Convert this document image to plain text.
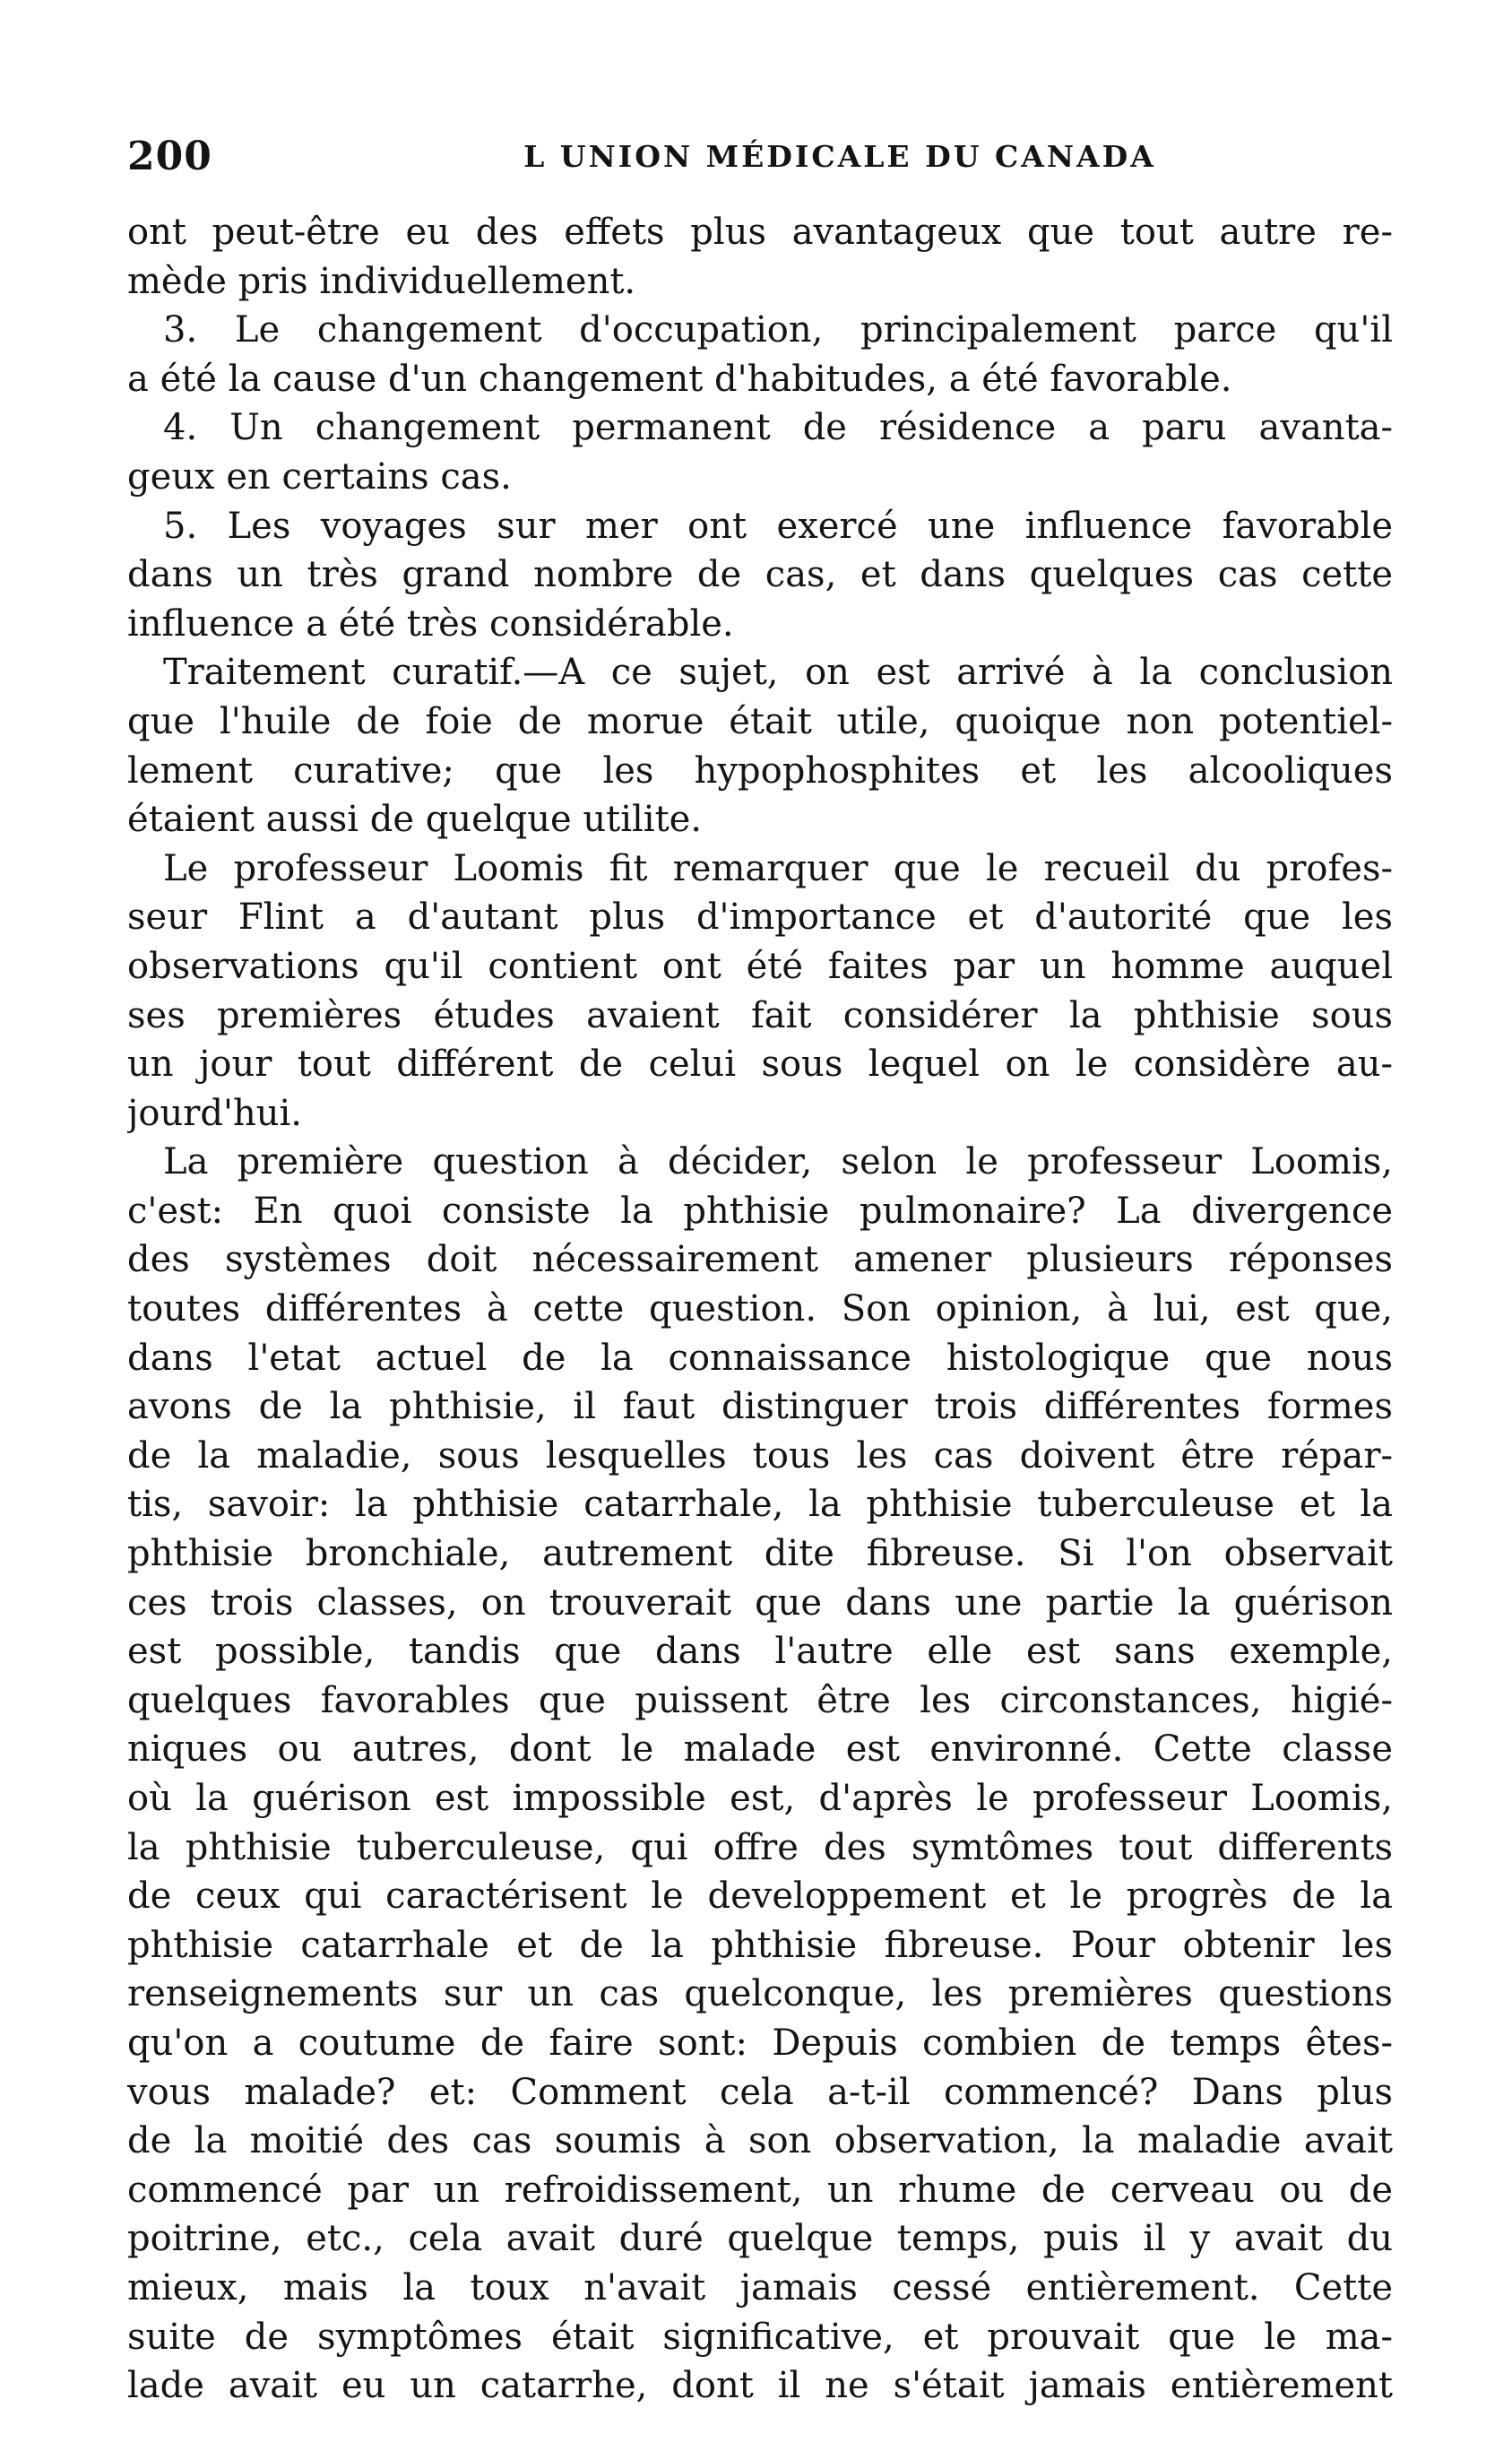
200	L UNION MÉDICALE DU CANADA
ont peut-être eu des effets plus avantageux que tout autre re-
mède pris individuellement.
3. Le changement d'occupation, principalement parce qu'il
a été la cause d'un changement d'habitudes, a été favorable.
4. Un changement permanent de résidence a paru avanta-
geux en certains cas.
5. Les voyages sur mer ont exercé une influence favorable
dans un très grand nombre de cas, et dans quelques cas cette
influence a été très considérable.
Traitement curatif.—A ce sujet, on est arrivé à la conclusion
que l'huile de foie de morue était utile, quoique non potentiel-
lement curative; que les hypophosphites et les alcooliques
étaient aussi de quelque utilite.
Le professeur Loomis fit remarquer que le recueil du profes-
seur Flint a d'autant plus d'importance et d'autorité que les
observations qu'il contient ont été faites par un homme auquel
ses premières études avaient fait considérer la phthisie sous
un jour tout différent de celui sous lequel on le considère au-
jourd'hui.
La première question à décider, selon le professeur Loomis,
c'est: En quoi consiste la phthisie pulmonaire? La divergence
des systèmes doit nécessairement amener plusieurs réponses
toutes différentes à cette question. Son opinion, à lui, est que,
dans l'etat actuel de la connaissance histologique que nous
avons de la phthisie, il faut distinguer trois différentes formes
de la maladie, sous lesquelles tous les cas doivent être répar-
tis, savoir: la phthisie catarrhale, la phthisie tuberculeuse et la
phthisie bronchiale, autrement dite fibreuse. Si l'on observait
ces trois classes, on trouverait que dans une partie la guérison
est possible, tandis que dans l'autre elle est sans exemple,
quelques favorables que puissent être les circonstances, higié-
niques ou autres, dont le malade est environné. Cette classe
où la guérison est impossible est, d'après le professeur Loomis,
la phthisie tuberculeuse, qui offre des symtômes tout differents
de ceux qui caractérisent le developpement et le progrès de la
phthisie catarrhale et de la phthisie fibreuse. Pour obtenir les
renseignements sur un cas quelconque, les premières questions
qu'on a coutume de faire sont: Depuis combien de temps êtes-
vous malade? et: Comment cela a-t-il commencé? Dans plus
de la moitié des cas soumis à son observation, la maladie avait
commencé par un refroidissement, un rhume de cerveau ou de
poitrine, etc., cela avait duré quelque temps, puis il y avait du
mieux, mais la toux n'avait jamais cessé entièrement. Cette
suite de symptômes était significative, et prouvait que le ma-
lade avait eu un catarrhe, dont il ne s'était jamais entièrement
